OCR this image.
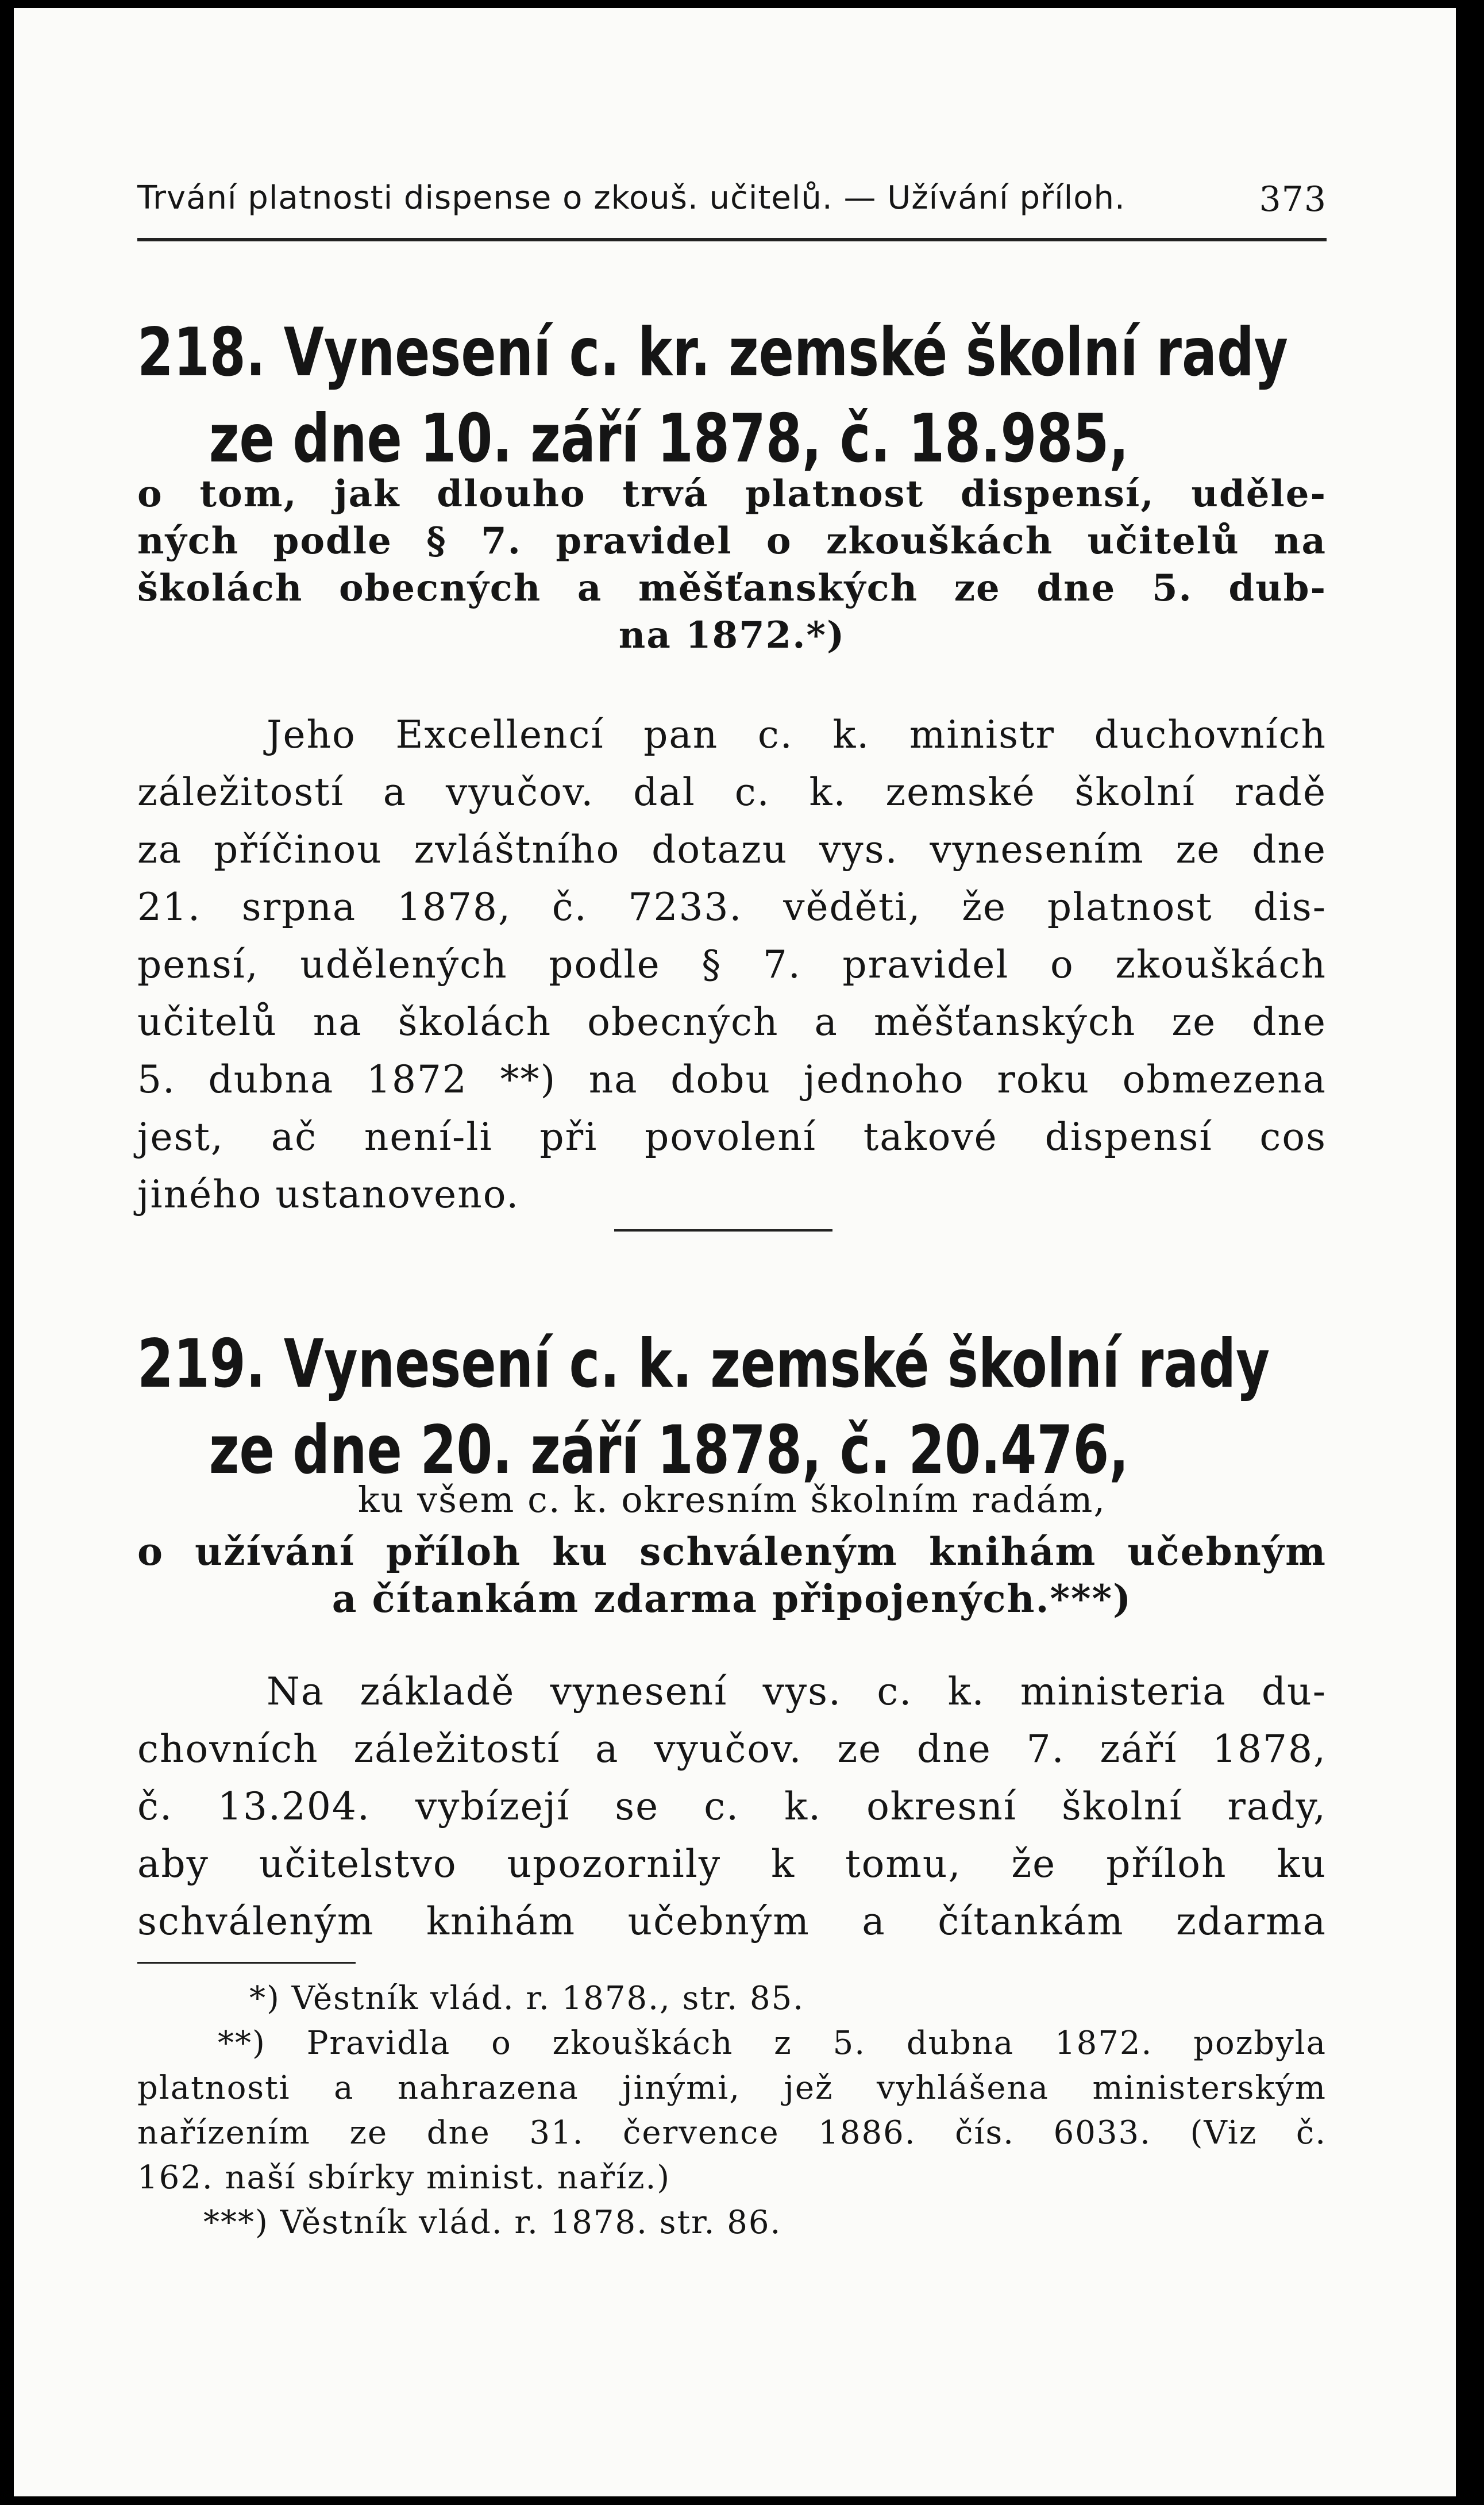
Trvání platnosti dispense o zkouš. učitelů. — Užívání příloh.	373
218. Vynesení c. kr. zemské školní rady
ze dne 10. září 1878, č. 18.985,
o tom, jak dlouho trvá platnost dispensí, uděle-
ných podle § 7. pravidel o zkouškách učitelů na
školách obecných a měšťanských ze dne 5. dub-
na 1872.*)
Jeho Excellencí pan c. k. ministr duchovních
záležitostí a vyučov. dal c. k. zemské školní radě
za příčinou zvláštního dotazu vys. vynesením ze dne
21. srpna 1878, č. 7233. věděti, že platnost dis-
pensí, udělených podle § 7. pravidel o zkouškách
učitelů na školách obecných a měšťanských ze dne
5. dubna 1872 **) na dobu jednoho roku obmezena
jest, ač není-li při povolení takové dispensí cos
jiného ustanoveno.
219. Vynesení c. k. zemské školní rady
ze dne 20. září 1878, č. 20.476,
ku všem c. k. okresním školním radám,
o užívání příloh ku schváleným knihám učebným
a čítankám zdarma připojených.***)
Na základě vynesení vys. c. k. ministeria du-
chovních záležitostí a vyučov. ze dne 7. září 1878,
č. 13.204. vybízejí se c. k. okresní školní rady,
aby učitelstvo upozornily k tomu, že příloh ku
schváleným knihám učebným a čítankám zdarma
*) Věstník vlád. r. 1878., str. 85.
**) Pravidla o zkouškách z 5. dubna 1872. pozbyla
platnosti a nahrazena jinými, jež vyhlášena ministerským
nařízením ze dne 31. července 1886. čís. 6033. (Viz č.
162. naší sbírky minist. naříz.)
***) Věstník vlád. r. 1878. str. 86.
